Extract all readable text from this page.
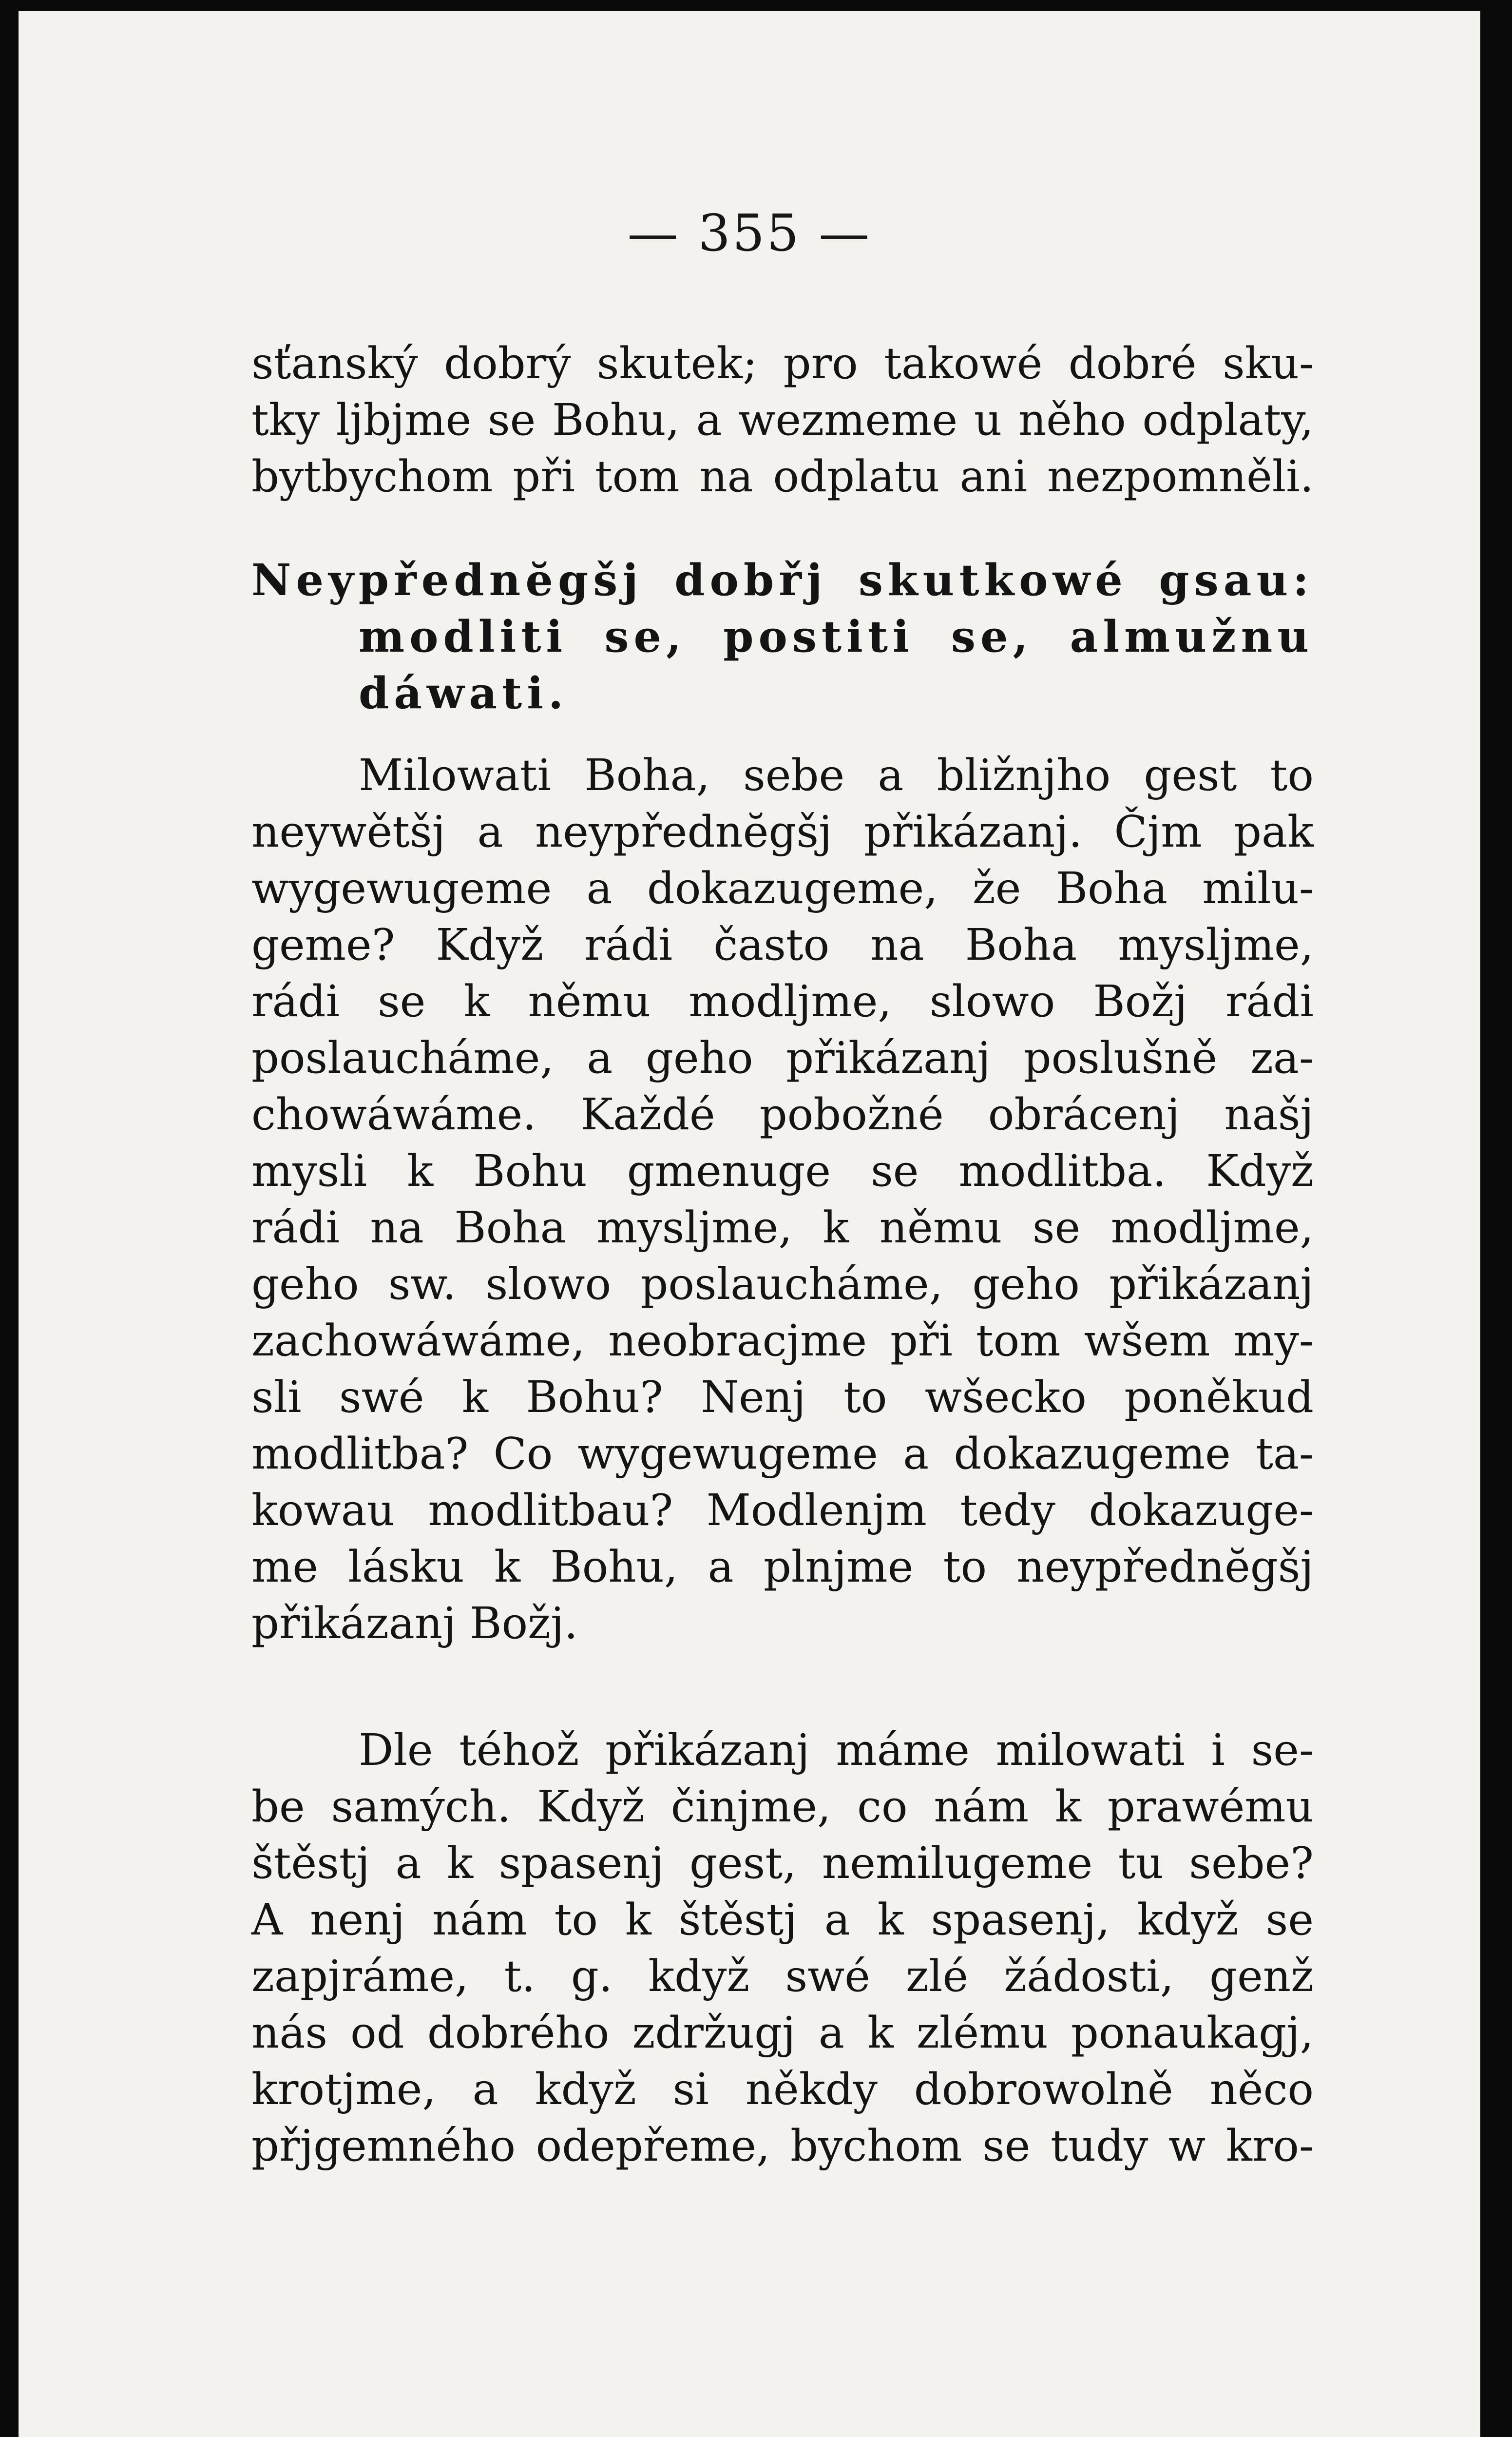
— 355 —
sťanský dobrý skutek; pro takowé dobré sku-
tky ljbjme se Bohu, a wezmeme u něho odplaty,
bytbychom při tom na odplatu ani nezpomněli.
Neypřednĕgšj dobřj skutkowé gsau:
modliti se, postiti se, almužnu
dáwati.
Milowati Boha, sebe a bližnjho gest to
neywětšj a neypřednĕgšj přikázanj. Čjm pak
wygewugeme a dokazugeme, že Boha milu-
geme? Když rádi často na Boha mysljme,
rádi se k němu modljme, slowo Božj rádi
poslaucháme, a geho přikázanj poslušně za-
chowáwáme. Každé pobožné obrácenj našj
mysli k Bohu gmenuge se modlitba. Když
rádi na Boha mysljme, k němu se modljme,
geho sw. slowo poslaucháme, geho přikázanj
zachowáwáme, neobracjme při tom wšem my-
sli swé k Bohu? Nenj to wšecko poněkud
modlitba? Co wygewugeme a dokazugeme ta-
kowau modlitbau? Modlenjm tedy dokazuge-
me lásku k Bohu, a plnjme to neypřednĕgšj
přikázanj Božj.
Dle téhož přikázanj máme milowati i se-
be samých. Když činjme, co nám k prawému
štěstj a k spasenj gest, nemilugeme tu sebe?
A nenj nám to k štěstj a k spasenj, když se
zapjráme, t. g. když swé zlé žádosti, genž
nás od dobrého zdržugj a k zlému ponaukagj,
krotjme, a když si někdy dobrowolně něco
přjgemného odepřeme, bychom se tudy w kro-
